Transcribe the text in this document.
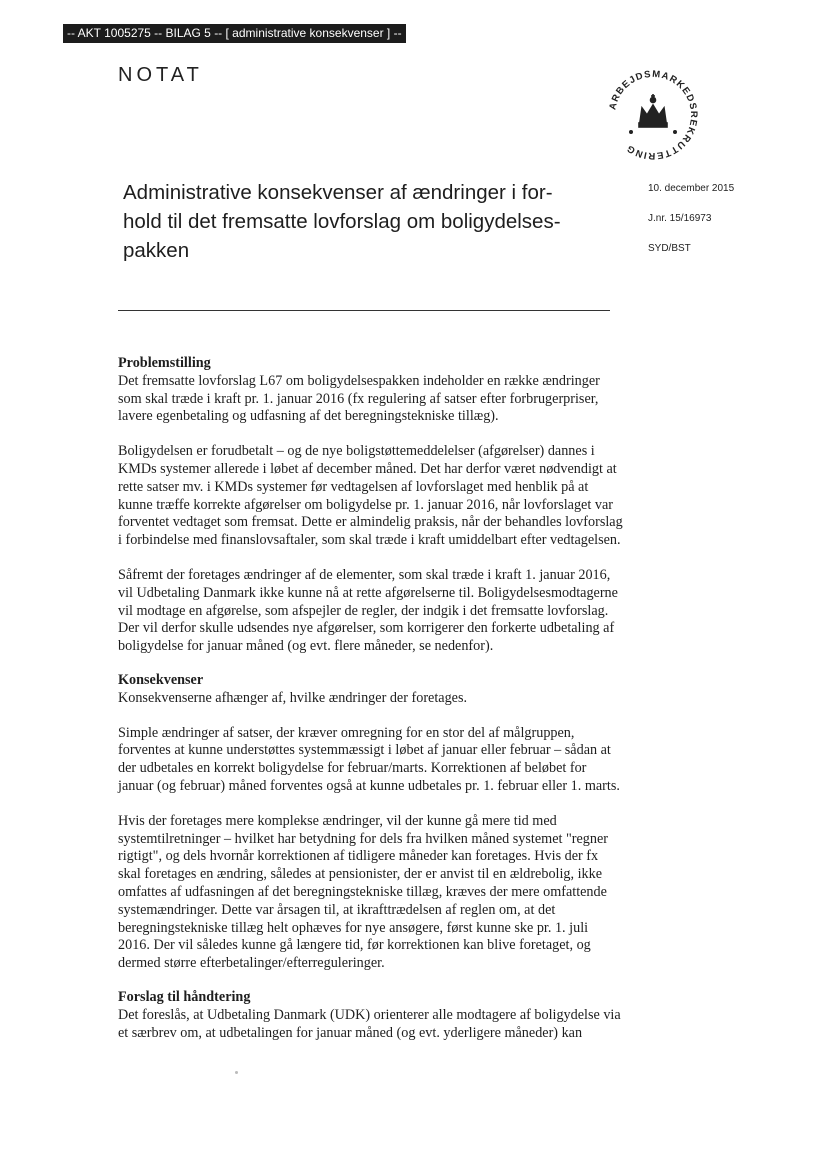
-- AKT 1005275 -- BILAG 5 -- [ administrative konsekvenser ] --
NOTAT
ARBEJDSMARKEDSREKRUTTERING
10. december 2015
J.nr. 15/16973
SYD/BST
Administrative konsekvenser af ændringer i for-
hold til det fremsatte lovforslag om boligydelses-
pakken
Problemstilling

Det fremsatte lovforslag L67 om boligydelsespakken indeholder en række ændringer som skal træde i kraft pr. 1. januar 2016 (fx regulering af satser efter forbrugerpriser, lavere egenbetaling og udfasning af det beregningstekniske tillæg).

Boligydelsen er forudbetalt – og de nye boligstøttemeddelelser (afgørelser) dannes i KMDs systemer allerede i løbet af december måned. Det har derfor været nødvendigt at rette satser mv. i KMDs systemer før vedtagelsen af lovforslaget med henblik på at kunne træffe korrekte afgørelser om boligydelse pr. 1. januar 2016, når lovforslaget var forventet vedtaget som fremsat. Dette er almindelig praksis, når der behandles lovforslag i forbindelse med finanslovsaftaler, som skal træde i kraft umiddelbart efter vedtagelsen.

Såfremt der foretages ændringer af de elementer, som skal træde i kraft 1. januar 2016, vil Udbetaling Danmark ikke kunne nå at rette afgørelserne til. Boligydelsesmodtagerne vil modtage en afgørelse, som afspejler de regler, der indgik i det fremsatte lovforslag. Der vil derfor skulle udsendes nye afgørelser, som korrigerer den forkerte udbetaling af boligydelse for januar måned (og evt. flere måneder, se nedenfor).

Konsekvenser

Konsekvenserne afhænger af, hvilke ændringer der foretages.

Simple ændringer af satser, der kræver omregning for en stor del af målgruppen, forventes at kunne understøttes systemmæssigt i løbet af januar eller februar – sådan at der udbetales en korrekt boligydelse for februar/marts. Korrektionen af beløbet for januar (og februar) måned forventes også at kunne udbetales pr. 1. februar eller 1. marts.

Hvis der foretages mere komplekse ændringer, vil der kunne gå mere tid med systemtilretninger – hvilket har betydning for dels fra hvilken måned systemet "regner rigtigt", og dels hvornår korrektionen af tidligere måneder kan foretages. Hvis der fx skal foretages en ændring, således at pensionister, der er anvist til en ældrebolig, ikke omfattes af udfasningen af det beregningstekniske tillæg, kræves der mere omfattende systemændringer. Dette var årsagen til, at ikrafttrædelsen af reglen om, at det beregningstekniske tillæg helt ophæves for nye ansøgere, først kunne ske pr. 1. juli 2016. Der vil således kunne gå længere tid, før korrektionen kan blive foretaget, og dermed større efterbetalinger/efterreguleringer.

Forslag til håndtering

Det foreslås, at Udbetaling Danmark (UDK) orienterer alle modtagere af boligydelse via et særbrev om, at udbetalingen for januar måned (og evt. yderligere måneder) kan
